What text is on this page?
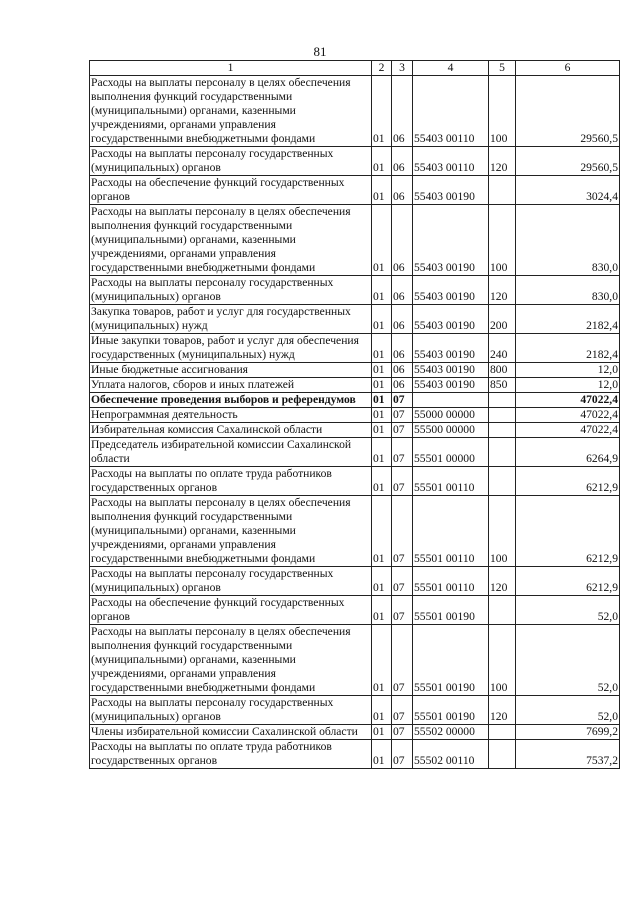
81
1	2	3	4	5	6
Расходы на выплаты персоналу в целях обеспечения выполнения функций государственными (муниципальными) органами, казенными учреждениями, органами управления государственными внебюджетными фондами	01	06	55403 00110	100	29560,5
Расходы на выплаты персоналу государственных (муниципальных) органов	01	06	55403 00110	120	29560,5
Расходы на обеспечение функций государственных органов	01	06	55403 00190		3024,4
Расходы на выплаты персоналу в целях обеспечения выполнения функций государственными (муниципальными) органами, казенными учреждениями, органами управления государственными внебюджетными фондами	01	06	55403 00190	100	830,0
Расходы на выплаты персоналу государственных (муниципальных) органов	01	06	55403 00190	120	830,0
Закупка товаров, работ и услуг для государственных (муниципальных) нужд	01	06	55403 00190	200	2182,4
Иные закупки товаров, работ и услуг для обеспечения государственных (муниципальных) нужд	01	06	55403 00190	240	2182,4
Иные бюджетные ассигнования	01	06	55403 00190	800	12,0
Уплата налогов, сборов и иных платежей	01	06	55403 00190	850	12,0
Обеспечение проведения выборов и референдумов	01	07			47022,4
Непрограммная деятельность	01	07	55000 00000		47022,4
Избирательная комиссия Сахалинской области	01	07	55500 00000		47022,4
Председатель избирательной комиссии Сахалинской области	01	07	55501 00000		6264,9
Расходы на выплаты по оплате труда работников государственных органов	01	07	55501 00110		6212,9
Расходы на выплаты персоналу в целях обеспечения выполнения функций государственными (муниципальными) органами, казенными учреждениями, органами управления государственными внебюджетными фондами	01	07	55501 00110	100	6212,9
Расходы на выплаты персоналу государственных (муниципальных) органов	01	07	55501 00110	120	6212,9
Расходы на обеспечение функций государственных органов	01	07	55501 00190		52,0
Расходы на выплаты персоналу в целях обеспечения выполнения функций государственными (муниципальными) органами, казенными учреждениями, органами управления государственными внебюджетными фондами	01	07	55501 00190	100	52,0
Расходы на выплаты персоналу государственных (муниципальных) органов	01	07	55501 00190	120	52,0
Члены избирательной комиссии Сахалинской области	01	07	55502 00000		7699,2
Расходы на выплаты по оплате труда работников государственных органов	01	07	55502 00110		7537,2
